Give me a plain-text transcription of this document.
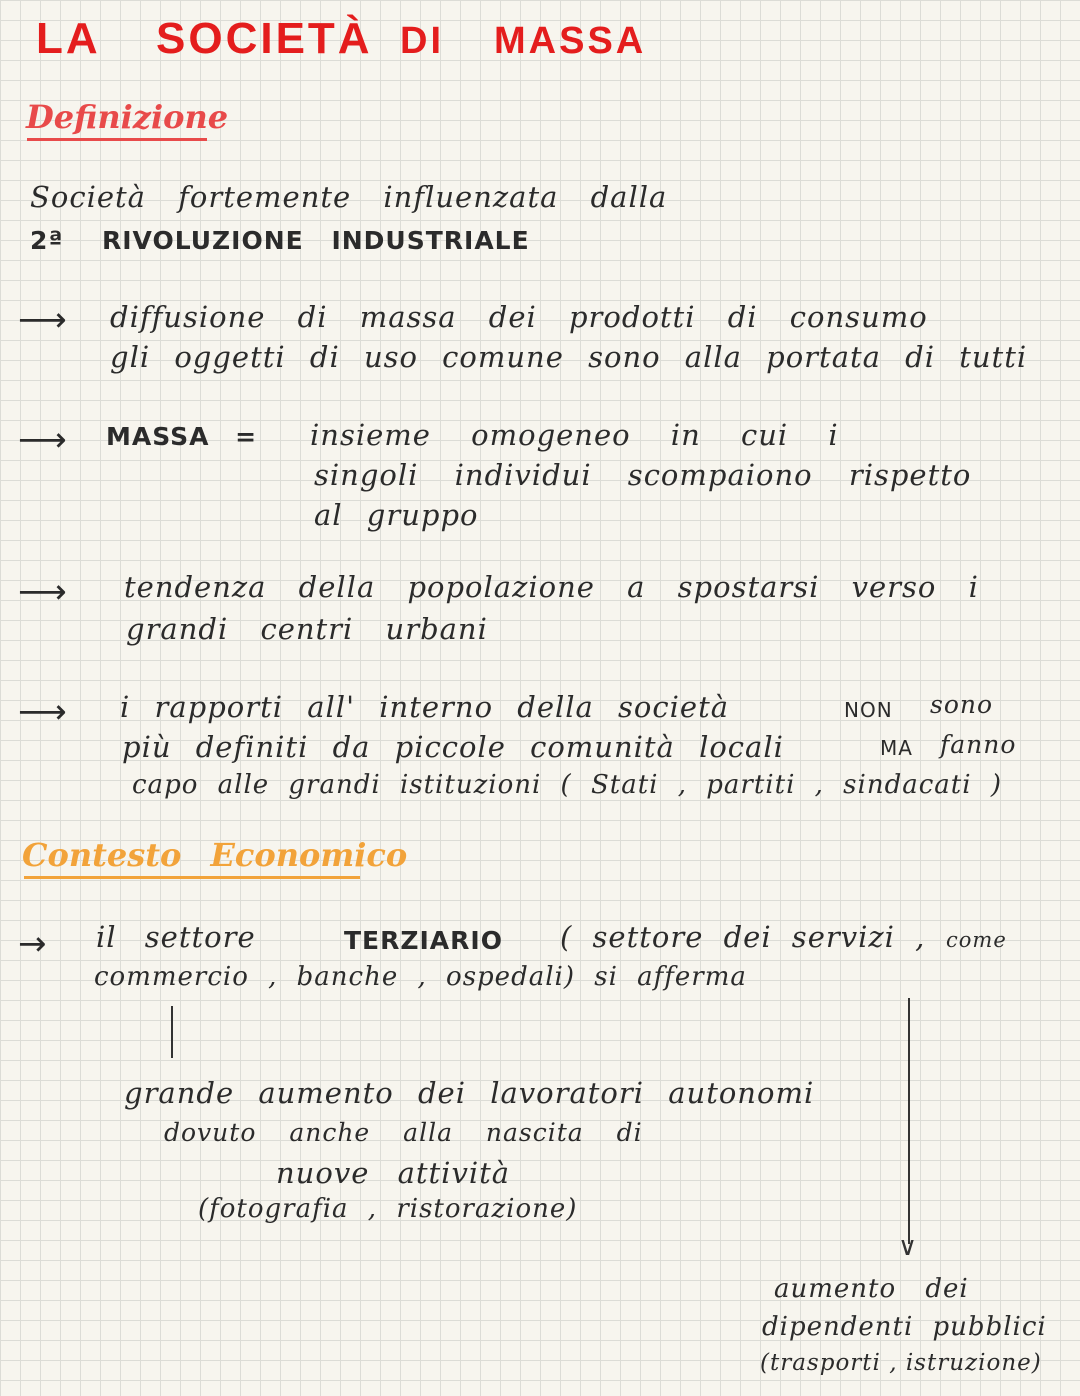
LA SOCIETÀ DI MASSA
Definizione
Società fortemente influenzata dalla
2ª RIVOLUZIONE INDUSTRIALE
⟶ diffusione di massa dei prodotti di consumo
gli oggetti di uso comune sono alla portata di tutti
⟶ MASSA = insieme omogeneo in cui i
singoli individui scompaiono rispetto
al gruppo
⟶ tendenza della popolazione a spostarsi verso i
grandi centri urbani
⟶ i rapporti all' interno della società	NON sono
più definiti da piccole comunità locali	MA fanno
capo alle grandi istituzioni ( Stati , partiti , sindacati )
Contesto Economico
→ il settore	TERZIARIO ( settore dei servizi , come
commercio , banche , ospedali) si afferma
grande aumento dei lavoratori autonomi
dovuto anche alla nascita di
nuove attività
(fotografia , ristorazione)
∨
aumento dei
dipendenti pubblici
(trasporti , istruzione)
